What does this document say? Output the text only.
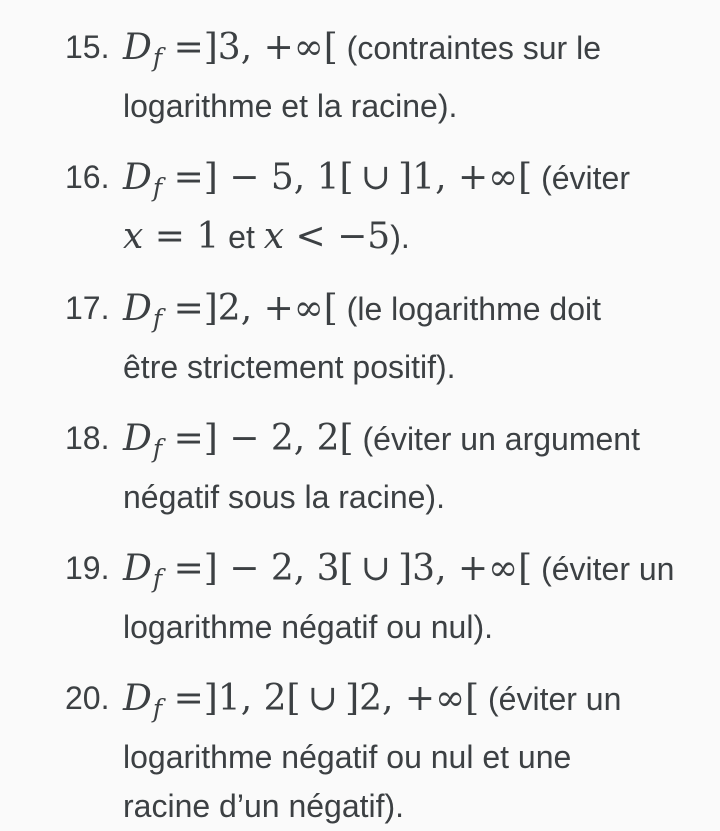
15. $D_f =]3$, +∞[ (contraintes sur le
logarithme et la racine).
16. $D_f$ =] − 5, 1[ ∪ ]1, +∞[ (éviter
x = 1 et x < −5).
17. $D_f =]2$, +∞[ (le logarithme doit
être strictement positif).
18. $D_f$ =] − 2, 2[ (éviter un argument
négatif sous la racine).
19. $D_f$ =] − 2, 3[ ∪ ]3, +∞[ (éviter un
logarithme négatif ou nul).
20. $D_f =]1$, 2[ ∪ ]2, +∞[ (éviter un
logarithme négatif ou nul et une
racine d’un négatif).
